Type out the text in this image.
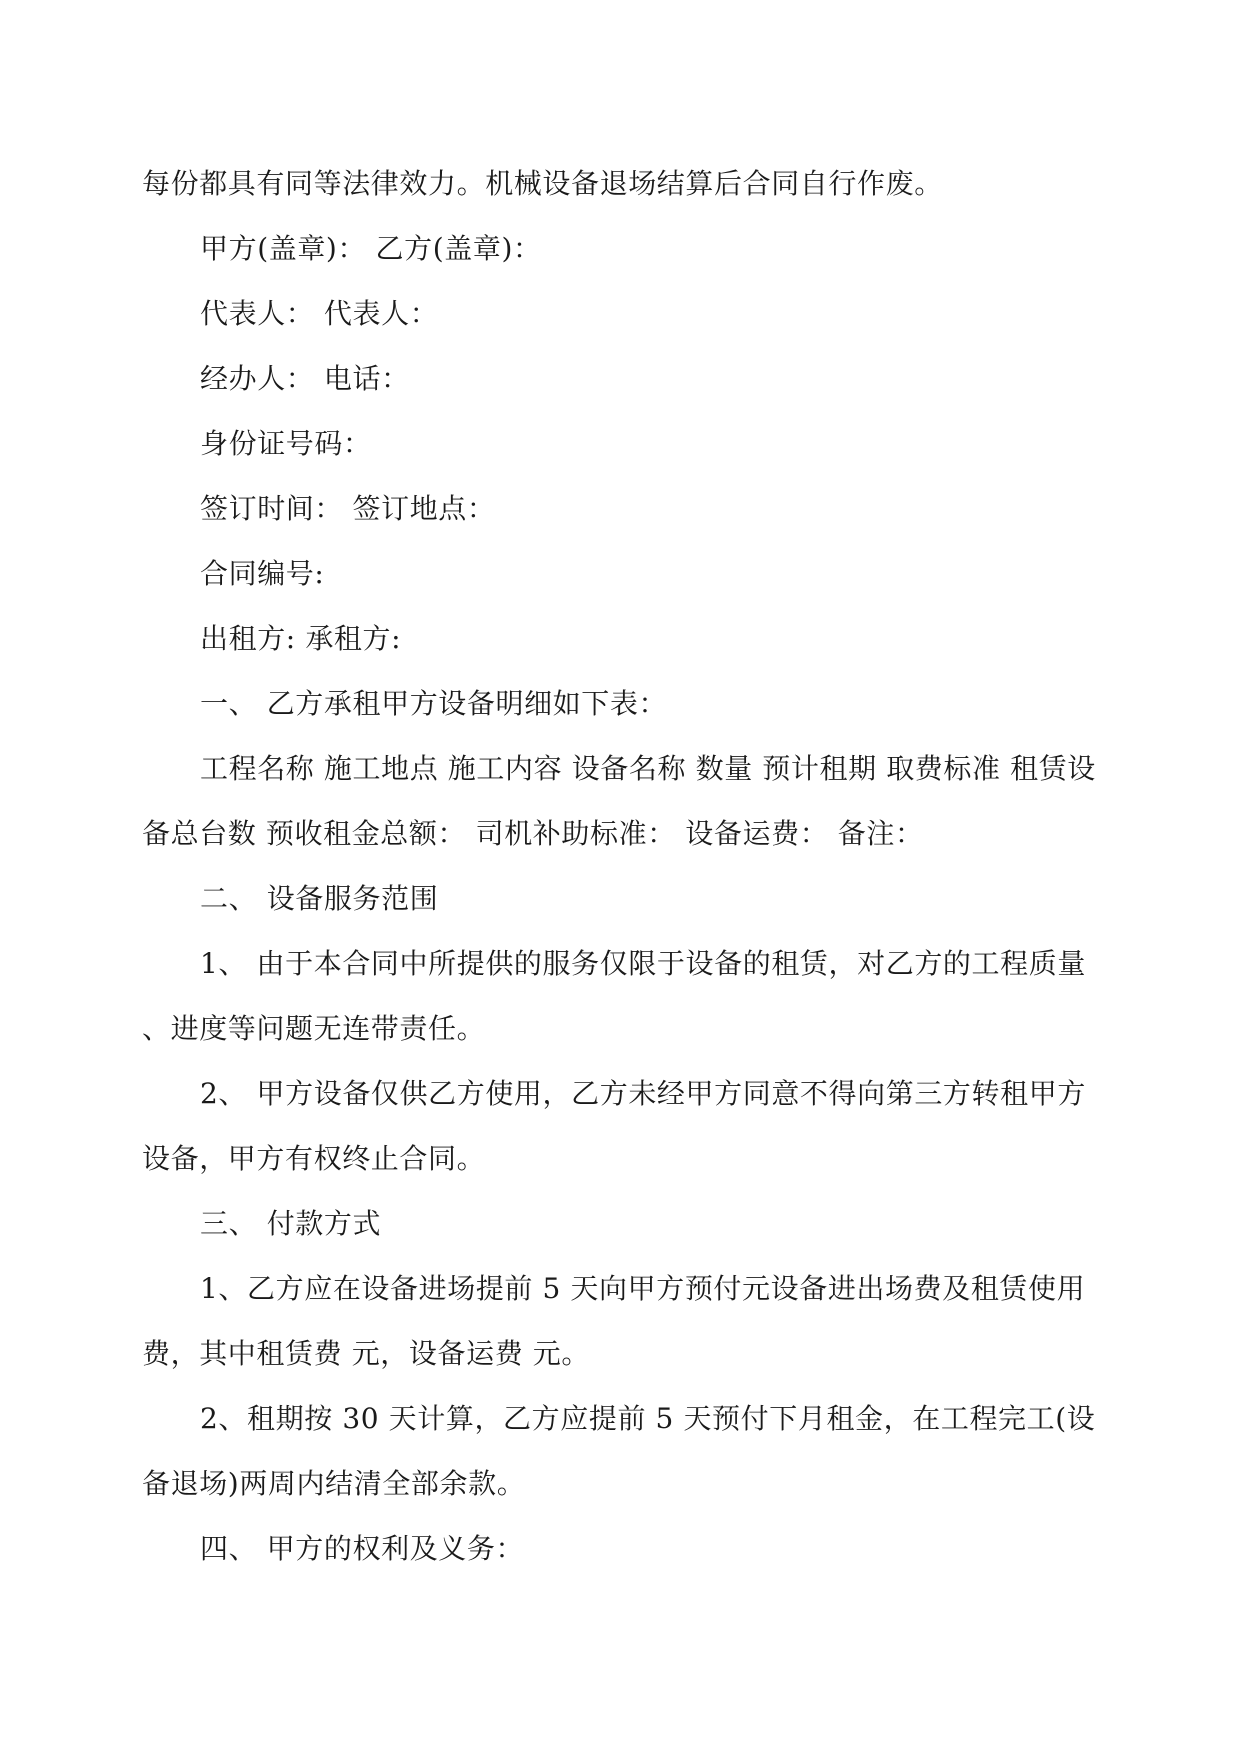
每份都具有同等法律效力。机械设备退场结算后合同自行作废。
甲方(盖章)： 乙方(盖章)：
代表人： 代表人：
经办人： 电话：
身份证号码：
签订时间： 签订地点：
合同编号:
出租方: 承租方:
一、 乙方承租甲方设备明细如下表：
工程名称 施工地点 施工内容 设备名称 数量 预计租期 取费标准 租赁设
备总台数 预收租金总额： 司机补助标准： 设备运费： 备注：
二、 设备服务范围
1、 由于本合同中所提供的服务仅限于设备的租赁，对乙方的工程质量
、进度等问题无连带责任。
2、 甲方设备仅供乙方使用，乙方未经甲方同意不得向第三方转租甲方
设备，甲方有权终止合同。
三、 付款方式
1、乙方应在设备进场提前 5 天向甲方预付元设备进出场费及租赁使用
费，其中租赁费 元，设备运费 元。
2、租期按 30 天计算，乙方应提前 5 天预付下月租金，在工程完工(设
备退场)两周内结清全部余款。
四、 甲方的权利及义务：
